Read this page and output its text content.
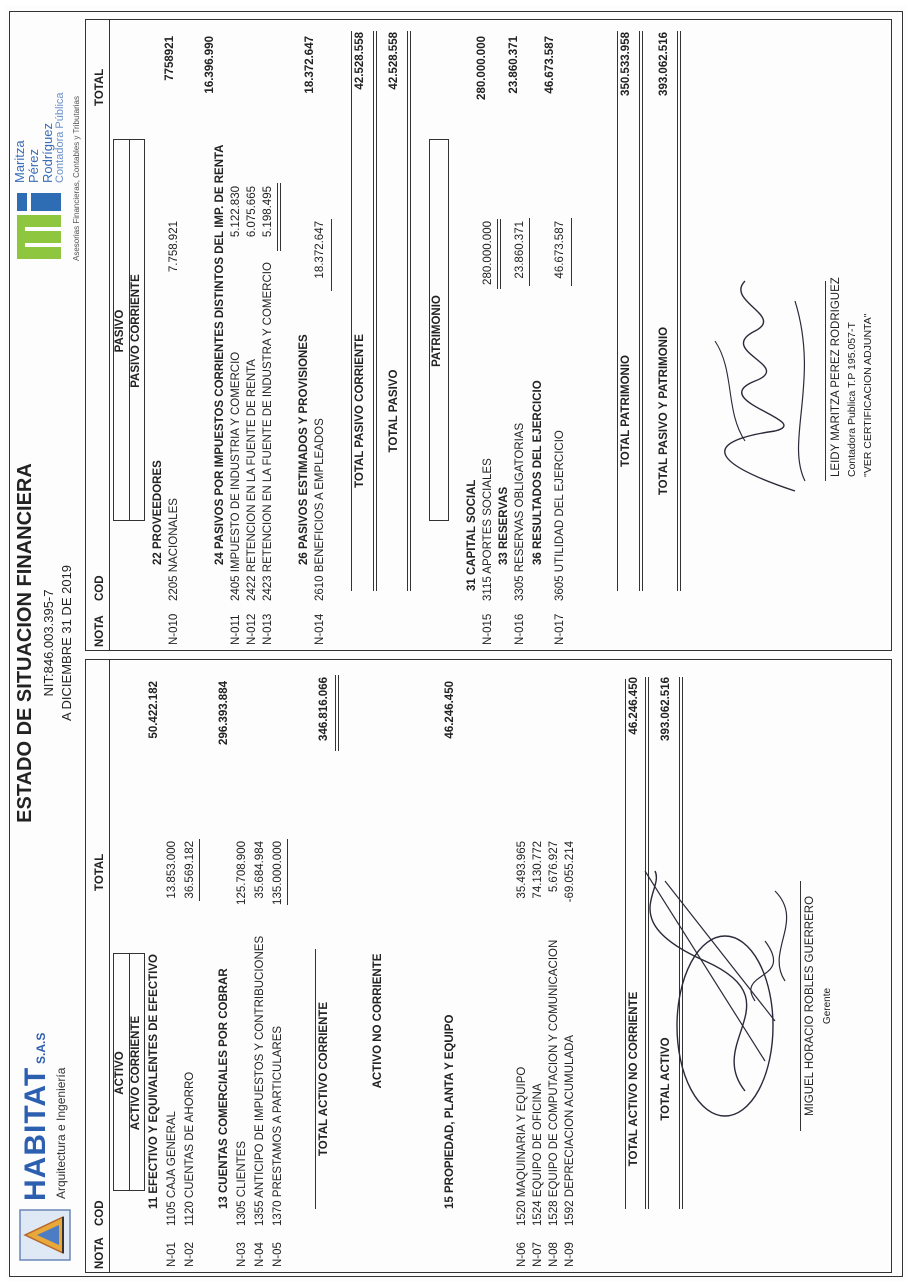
ESTADO DE SITUACION FINANCIERA NIT:846.003.395-7 A DICIEMBRE 31 DE 2019
HABITAT
S.A.S
Arquitectura e Ingeniería
Maritza Pérez Rodríguez Contadora Pública Asesorias Financieras, Contables y Tributarias
NOTA
COD
TOTAL
ACTIVO ACTIVO CORRIENTE 11 EFECTIVO Y EQUIVALENTES DE EFECTIVO
50.422.182
N-01
1105 CAJA GENERAL
13.853.000
N-02
1120 CUENTAS DE AHORRO
36.569.182
13 CUENTAS COMERCIALES POR COBRAR
296.393.884
N-03
1305 CLIENTES
125.708.900
N-04
1355 ANTICIPO DE IMPUESTOS Y CONTRIBUCIONES
35.684.984
N-05
1370 PRESTAMOS A PARTICULARES
135.000.000
TOTAL ACTIVO CORRIENTE
346.816.066
ACTIVO NO CORRIENTE	15 PROPIEDAD, PLANTA Y EQUIPO
46.246.450
N-06
1520 MAQUINARIA Y EQUIPO
35.493.965
N-07
1524 EQUIPO DE OFICINA
74.130.772
N-08
1528 EQUIPO DE COMPUTACION Y COMUNICACION
5.676.927
N-09
1592 DEPRECIACION ACUMULADA
-69.055.214
TOTAL ACTIVO NO CORRIENTE
46.246.450
TOTAL ACTIVO
393.062.516
MIGUEL HORACIO ROBLES GUERRERO Gerente
NOTA
COD
TOTAL
PASIVO PASIVO CORRIENTE
22 PROVEEDORES
7758921
N-010
2205 NACIONALES
7.758.921	24 PASIVOS POR IMPUESTOS CORRIENTES DISTINTOS DEL IMP. DE RENTA
16.396.990
N-011
2405 IMPUESTO DE INDUSTRIA Y COMERCIO
5.122.830
N-012
2422 RETENCION EN LA FUENTE DE RENTA
6.075.665
N-013
2423 RETENCION EN LA FUENTE DE INDUSTRA Y COMERCIO
5.198.495
26 PASIVOS ESTIMADOS Y PROVISIONES
18.372.647
N-014
2610 BENEFICIOS A EMPLEADOS
18.372.647
TOTAL PASIVO CORRIENTE
42.528.558
TOTAL PASIVO
42.528.558
PATRIMONIO
31 CAPITAL SOCIAL
280.000.000
N-015
3115 APORTES SOCIALES
280.000.000
33 RESERVAS
23.860.371
N-016
3305 RESERVAS OBLIGATORIAS
23.860.371
36 RESULTADOS DEL EJERCICIO
46.673.587
N-017
3605 UTILIDAD DEL EJERCICIO
46.673.587
TOTAL PATRIMONIO
350.533.958
TOTAL PASIVO Y PATRIMONIO
393.062.516
LEIDY MARITZA PEREZ RODRIGUEZ Contadora Publica T.P 195.057-T "VER CERTIFICACION ADJUNTA"
